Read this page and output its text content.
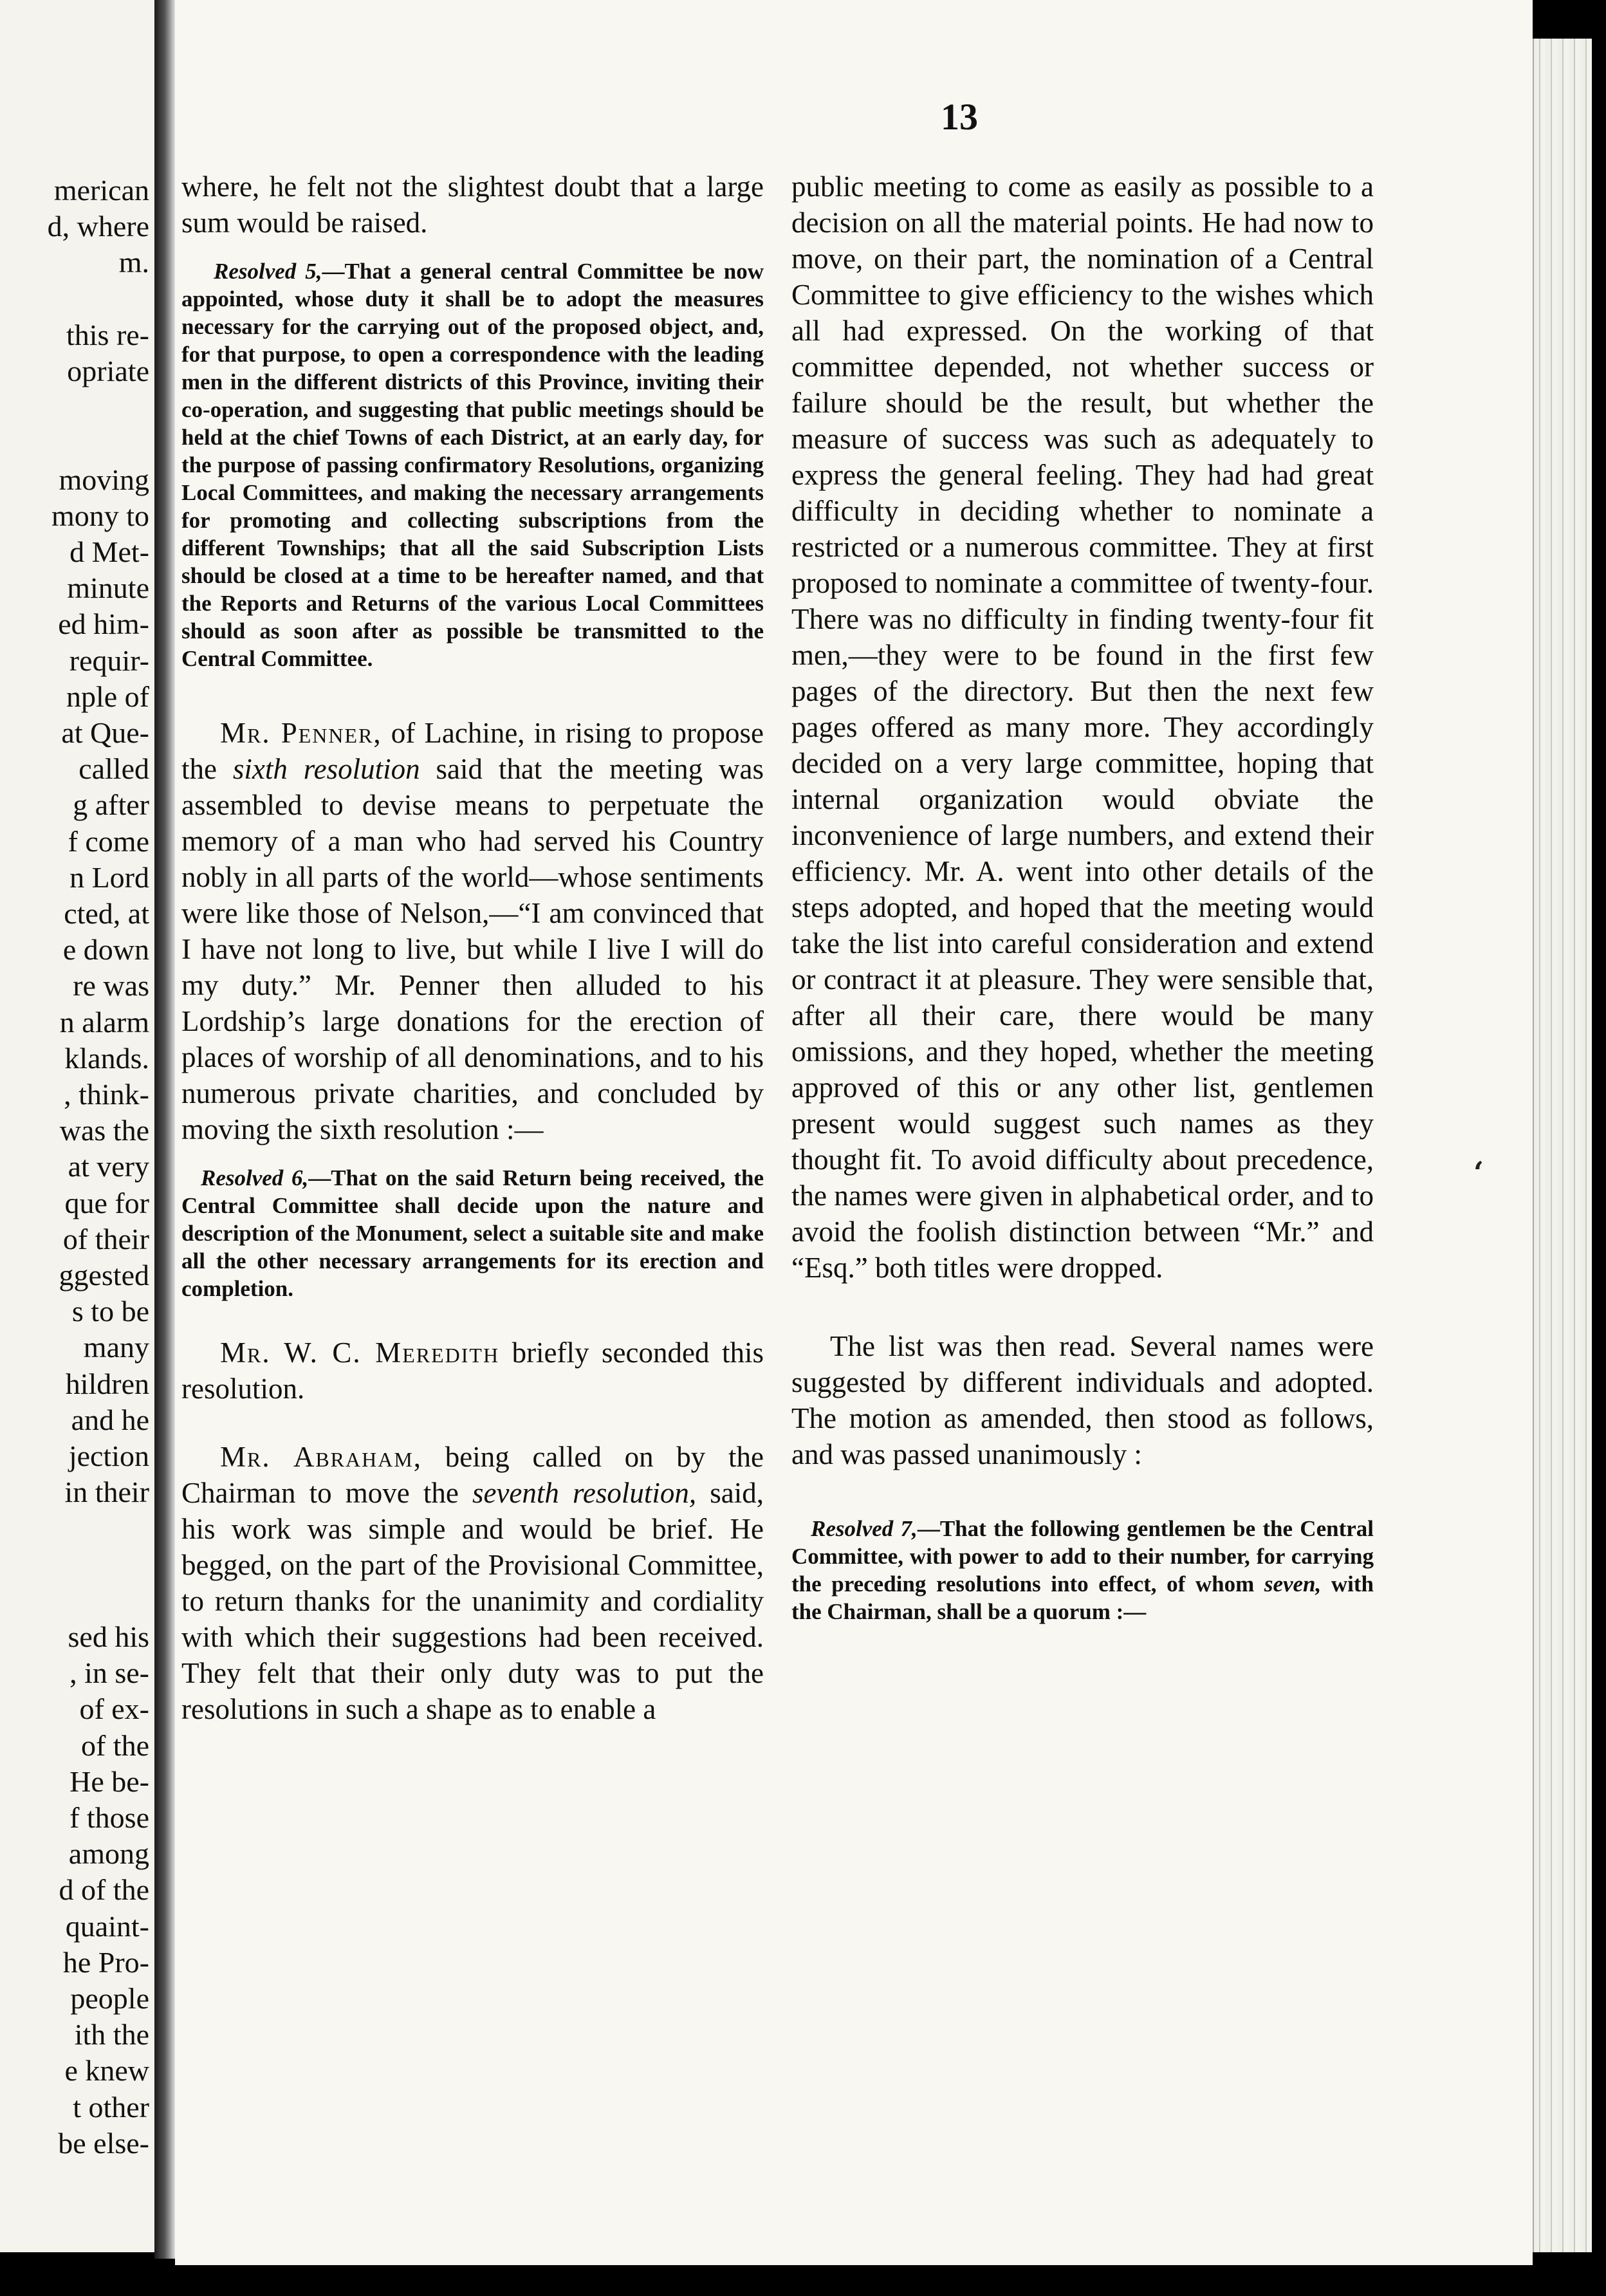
merican
d, where
m.
this re-
opriate
moving
mony to
d Met-
minute
ed him-
requir-
nple of
at Que-
called
g after
f come
n Lord
cted, at
e down
re was
n alarm
klands.
, think-
was the
at very
que for
of their
ggested
s to be
many
hildren
and he
jection
in their
sed his
, in se-
of ex-
of the
He be-
f those
among
d of the
quaint-
he Pro-
people
ith the
e knew
t other
be else-
13

where, he felt not the slightest doubt that a large sum would be raised.

Resolved 5,—That a general central Committee be now appointed, whose duty it shall be to adopt the measures necessary for the carrying out of the proposed object, and, for that purpose, to open a correspondence with the leading men in the different districts of this Province, inviting their co-operation, and suggesting that public meetings should be held at the chief Towns of each District, at an early day, for the purpose of passing confirmatory Resolutions, organizing Local Committees, and making the necessary arrangements for promoting and collecting subscriptions from the different Townships; that all the said Subscription Lists should be closed at a time to be hereafter named, and that the Reports and Returns of the various Local Committees should as soon after as possible be transmitted to the Central Committee.

Mr. Penner, of Lachine, in rising to propose the sixth resolution said that the meeting was assembled to devise means to perpetuate the memory of a man who had served his Country nobly in all parts of the world—whose sentiments were like those of Nelson,—“I am convinced that I have not long to live, but while I live I will do my duty.” Mr. Penner then alluded to his Lordship’s large donations for the erection of places of worship of all denominations, and to his numerous private charities, and concluded by moving the sixth resolution :—

Resolved 6,—That on the said Return being received, the Central Committee shall decide upon the nature and description of the Monument, select a suitable site and make all the other necessary arrangements for its erection and completion.

Mr. W. C. Meredith briefly seconded this resolution.

Mr. Abraham, being called on by the Chairman to move the seventh resolution, said, his work was simple and would be brief. He begged, on the part of the Provisional Committee, to return thanks for the unanimity and cordiality with which their suggestions had been received. They felt that their only duty was to put the resolutions in such a shape as to enable a

public meeting to come as easily as possible to a decision on all the material points. He had now to move, on their part, the nomination of a Central Committee to give efficiency to the wishes which all had expressed. On the working of that committee depended, not whether success or failure should be the result, but whether the measure of success was such as adequately to express the general feeling. They had had great difficulty in deciding whether to nominate a restricted or a numerous committee. They at first proposed to nominate a committee of twenty-four. There was no difficulty in finding twenty-four fit men,—they were to be found in the first few pages of the directory. But then the next few pages offered as many more. They accordingly decided on a very large committee, hoping that internal organization would obviate the inconvenience of large numbers, and extend their efficiency. Mr. A. went into other details of the steps adopted, and hoped that the meeting would take the list into careful consideration and extend or contract it at pleasure. They were sensible that, after all their care, there would be many omissions, and they hoped, whether the meeting approved of this or any other list, gentlemen present would suggest such names as they thought fit. To avoid difficulty about precedence, the names were given in alphabetical order, and to avoid the foolish distinction between “Mr.” and “Esq.” both titles were dropped.

The list was then read. Several names were suggested by different individuals and adopted. The motion as amended, then stood as follows, and was passed unanimously :

Resolved 7,—That the following gentlemen be the Central Committee, with power to add to their number, for carrying the preceding resolutions into effect, of whom seven, with the Chairman, shall be a quorum :—

‘
